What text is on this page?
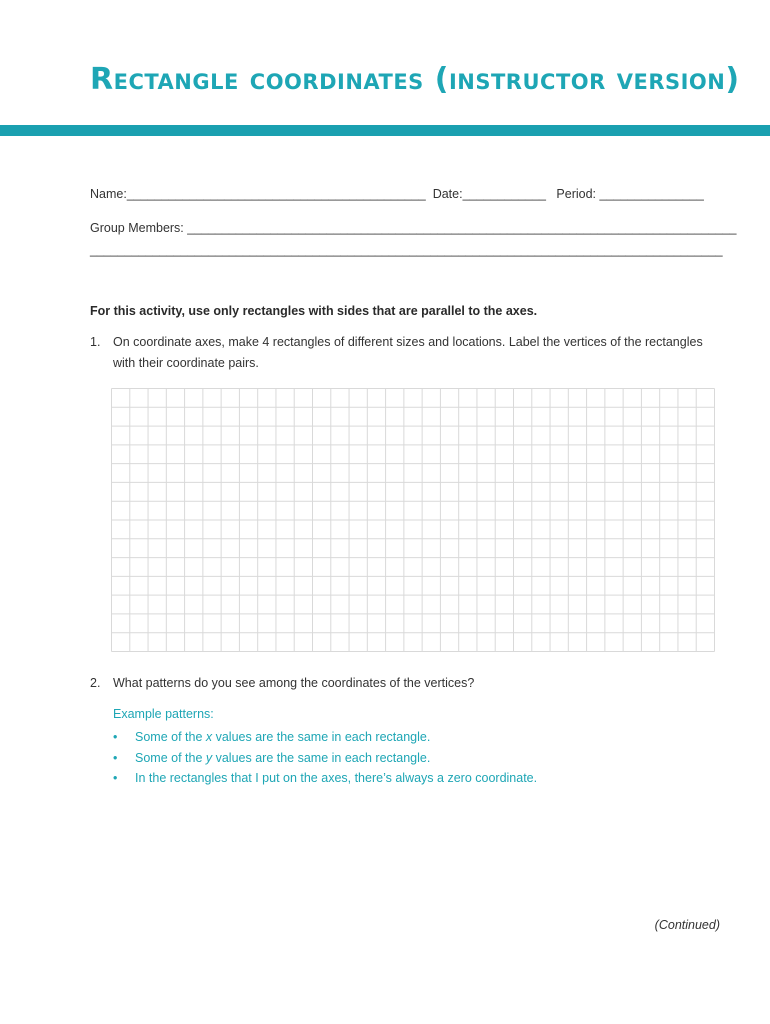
Rectangle coordinates (instructor version)
Name:___________________________________________  Date:____________   Period: _______________
Group Members: _______________________________________________________________________________
___________________________________________________________________________________________
For this activity, use only rectangles with sides that are parallel to the axes.
1. On coordinate axes, make 4 rectangles of different sizes and locations. Label the vertices of the rectangles with their coordinate pairs.
2. What patterns do you see among the coordinates of the vertices?
Example patterns:
• Some of the x values are the same in each rectangle.
• Some of the y values are the same in each rectangle.
• In the rectangles that I put on the axes, there’s always a zero coordinate.
(Continued)
